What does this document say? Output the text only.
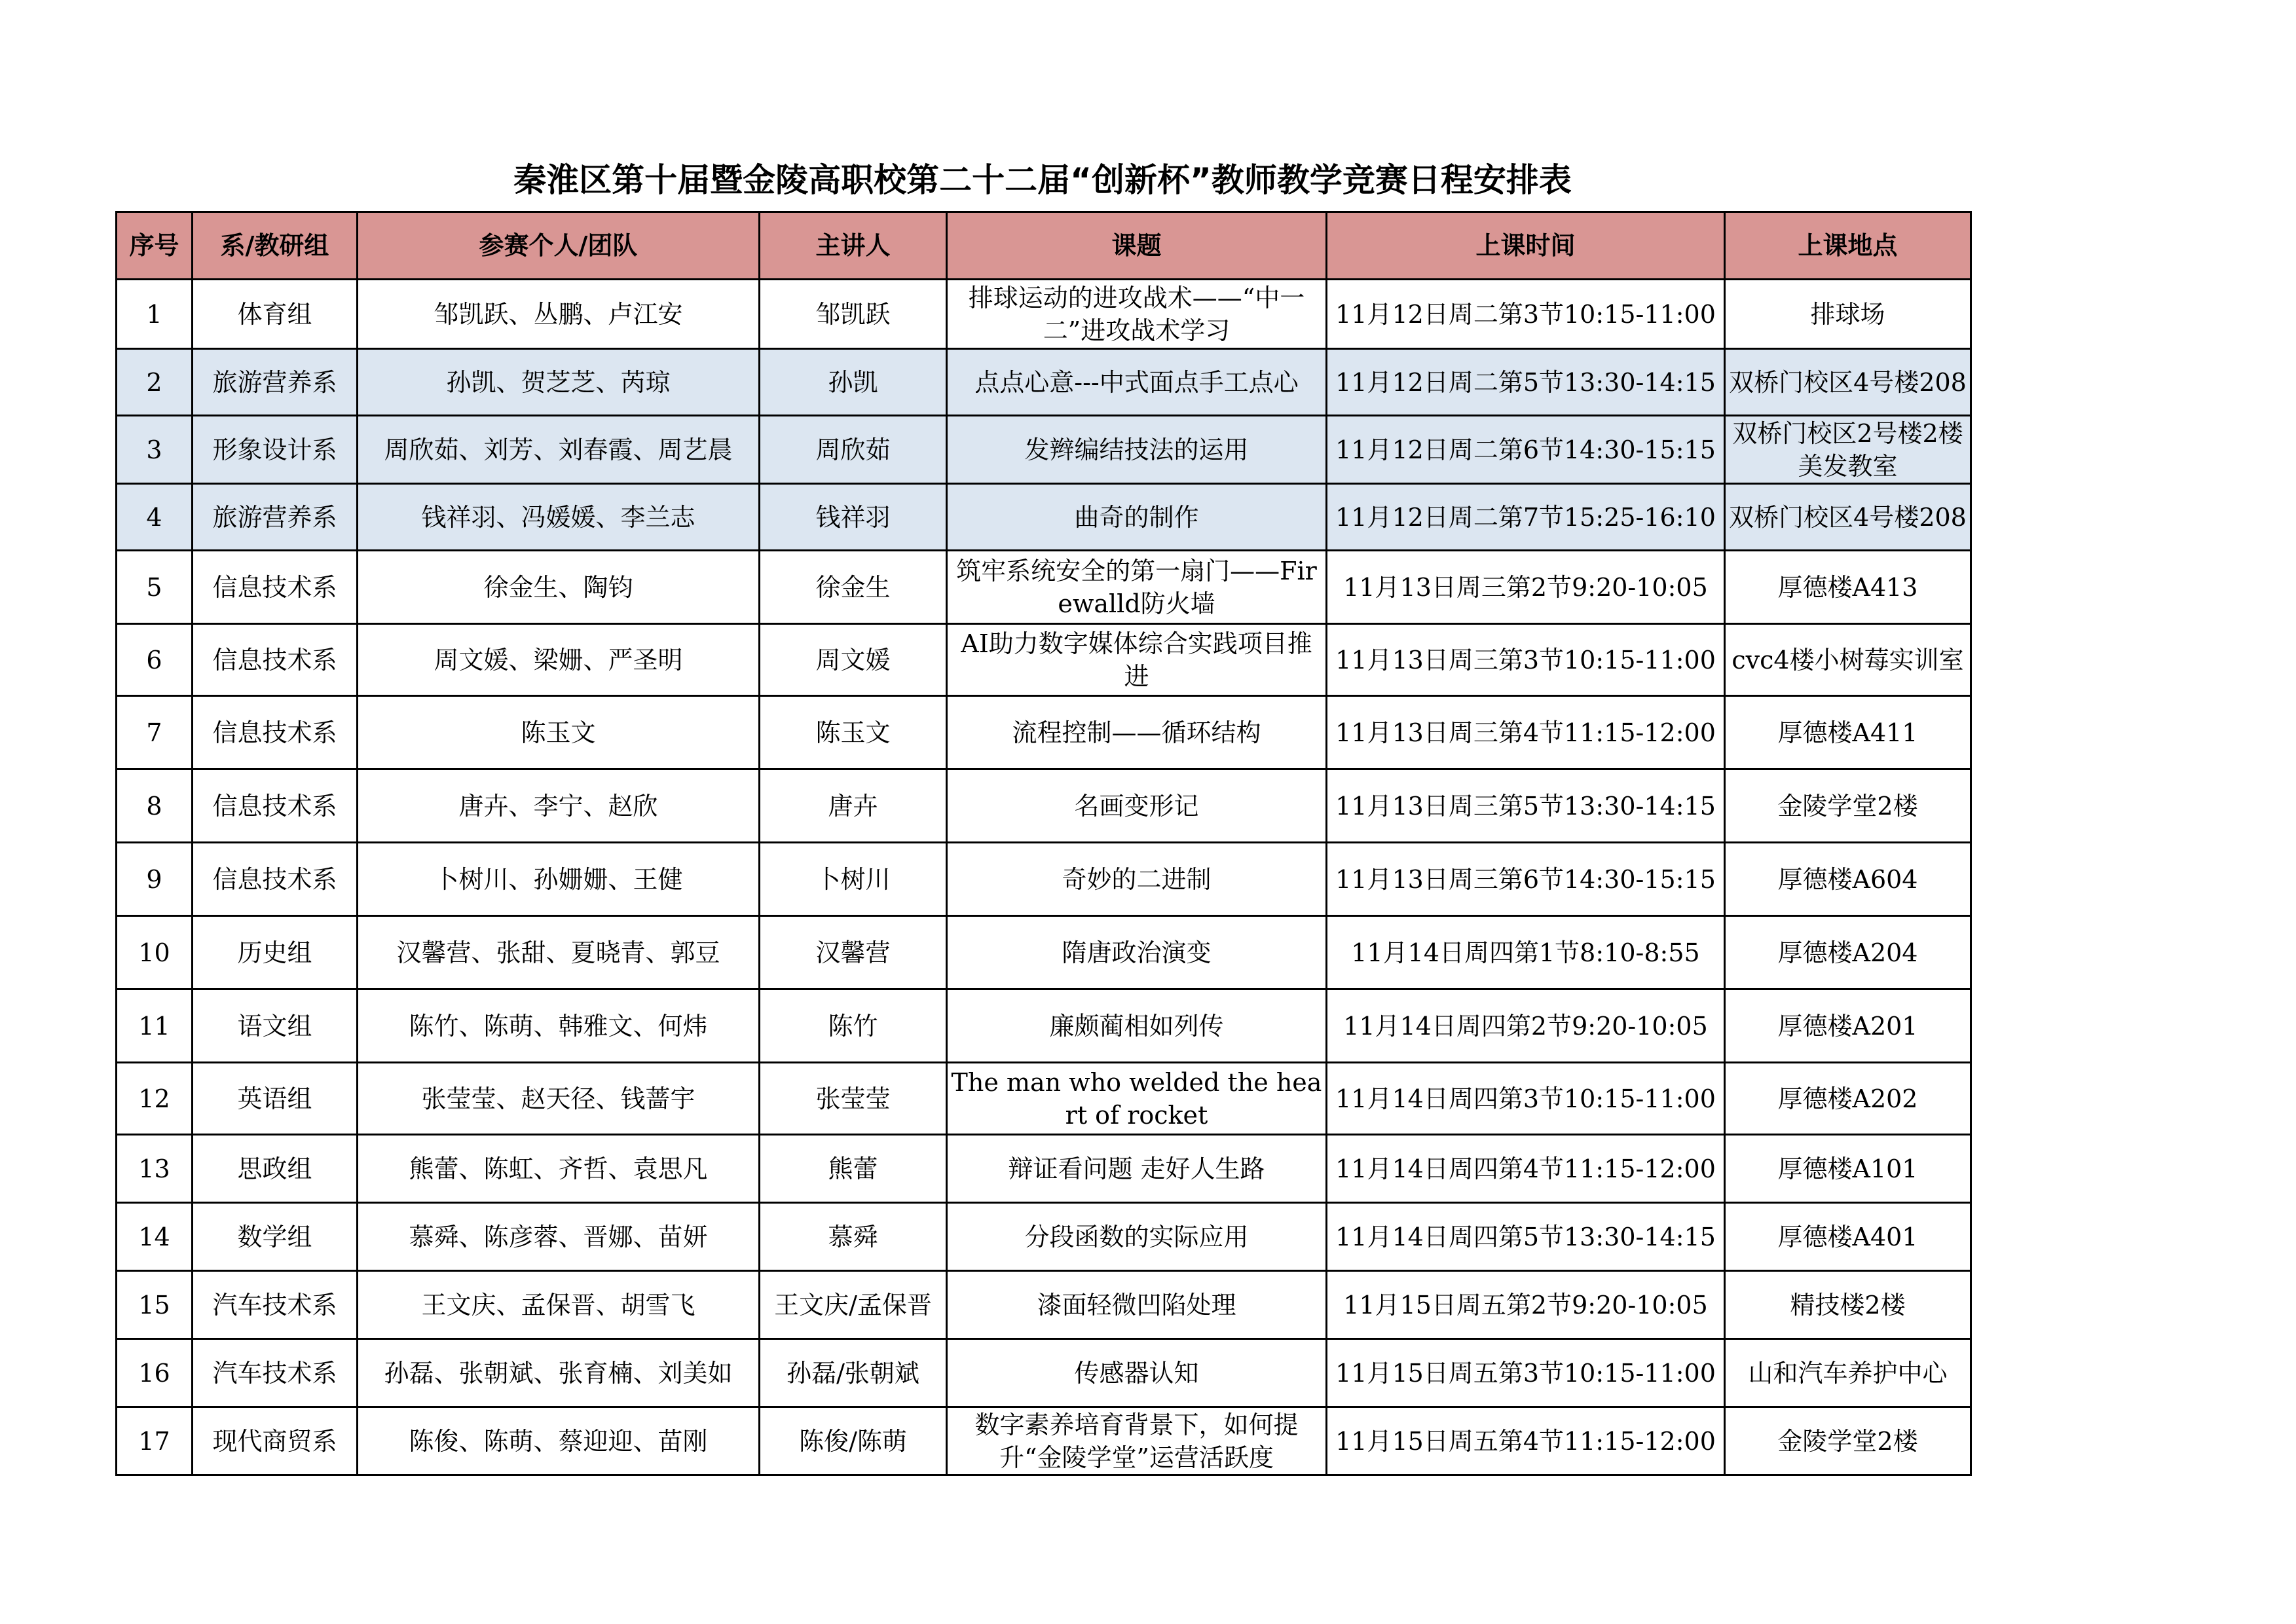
秦淮区第十届暨金陵高职校第二十二届“创新杯”教师教学竞赛日程安排表
序号	系/教研组	参赛个人/团队	主讲人	课题	上课时间	上课地点
1	体育组	邹凯跃、丛鹏、卢江安	邹凯跃	排球运动的进攻战术——“中一二”进攻战术学习	11月12日周二第3节10:15-11:00	排球场
2	旅游营养系	孙凯、贺芝芝、芮琼	孙凯	点点心意---中式面点手工点心	11月12日周二第5节13:30-14:15	双桥门校区4号楼208
3	形象设计系	周欣茹、刘芳、刘春霞、周艺晨	周欣茹	发辫编结技法的运用	11月12日周二第6节14:30-15:15	双桥门校区2号楼2楼美发教室
4	旅游营养系	钱祥羽、冯媛媛、李兰志	钱祥羽	曲奇的制作	11月12日周二第7节15:25-16:10	双桥门校区4号楼208
5	信息技术系	徐金生、陶钧	徐金生	筑牢系统安全的第一扇门——Firewalld防火墙	11月13日周三第2节9:20-10:05	厚德楼A413
6	信息技术系	周文媛、梁姗、严圣明	周文媛	AI助力数字媒体综合实践项目推进	11月13日周三第3节10:15-11:00	cvc4楼小树莓实训室
7	信息技术系	陈玉文	陈玉文	流程控制——循环结构	11月13日周三第4节11:15-12:00	厚德楼A411
8	信息技术系	唐卉、李宁、赵欣	唐卉	名画变形记	11月13日周三第5节13:30-14:15	金陵学堂2楼
9	信息技术系	卜树川、孙姗姗、王健	卜树川	奇妙的二进制	11月13日周三第6节14:30-15:15	厚德楼A604
10	历史组	汉馨营、张甜、夏晓青、郭豆	汉馨营	隋唐政治演变	11月14日周四第1节8:10-8:55	厚德楼A204
11	语文组	陈竹、陈萌、韩雅文、何炜	陈竹	廉颇蔺相如列传	11月14日周四第2节9:20-10:05	厚德楼A201
12	英语组	张莹莹、赵天径、钱蔷宇	张莹莹	The man who welded the heart of rocket	11月14日周四第3节10:15-11:00	厚德楼A202
13	思政组	熊蕾、陈虹、齐哲、袁思凡	熊蕾	辩证看问题 走好人生路	11月14日周四第4节11:15-12:00	厚德楼A101
14	数学组	慕舜、陈彦蓉、晋娜、苗妍	慕舜	分段函数的实际应用	11月14日周四第5节13:30-14:15	厚德楼A401
15	汽车技术系	王文庆、孟保晋、胡雪飞	王文庆/孟保晋	漆面轻微凹陷处理	11月15日周五第2节9:20-10:05	精技楼2楼
16	汽车技术系	孙磊、张朝斌、张育楠、刘美如	孙磊/张朝斌	传感器认知	11月15日周五第3节10:15-11:00	山和汽车养护中心
17	现代商贸系	陈俊、陈萌、蔡迎迎、苗刚	陈俊/陈萌	数字素养培育背景下，如何提升“金陵学堂”运营活跃度	11月15日周五第4节11:15-12:00	金陵学堂2楼
